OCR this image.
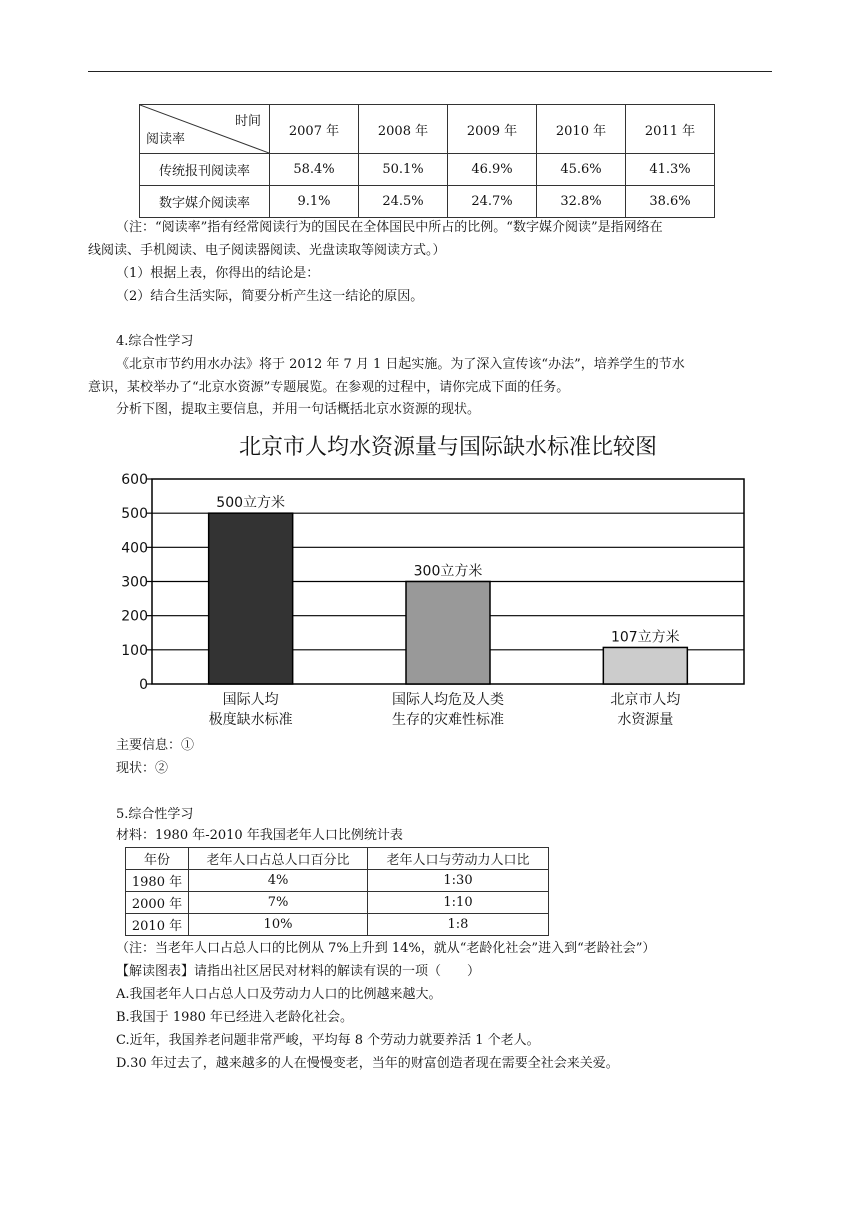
时间
阅读率	2007 年	2008 年	2009 年	2010 年	2011 年
传统报刊阅读率	58.4%	50.1%	46.9%	45.6%	41.3%
数字媒介阅读率	9.1%	24.5%	24.7%	32.8%	38.6%
（注：“阅读率”指有经常阅读行为的国民在全体国民中所占的比例。“数字媒介阅读”是指网络在
线阅读、手机阅读、电子阅读器阅读、光盘读取等阅读方式。）
（1）根据上表，你得出的结论是：
（2）结合生活实际，简要分析产生这一结论的原因。
4.综合性学习
《北京市节约用水办法》将于 2012 年 7 月 1 日起实施。为了深入宣传该“办法”，培养学生的节水
意识，某校举办了“北京水资源”专题展览。在参观的过程中，请你完成下面的任务。
分析下图，提取主要信息，并用一句话概括北京水资源的现状。
北京市人均水资源量与国际缺水标准比较图
0
100
200
300
400
500
600
500立方米
国际人均
极度缺水标准
300立方米
国际人均危及人类
生存的灾难性标准
107立方米
北京市人均
水资源量
主要信息：①
现状：②
5.综合性学习
材料：1980 年-2010 年我国老年人口比例统计表
年份	老年人口占总人口百分比	老年人口与劳动力人口比
1980 年	4%	1:30
2000 年	7%	1:10
2010 年	10%	1:8
（注：当老年人口占总人口的比例从 7%上升到 14%，就从“老龄化社会”进入到“老龄社会”）
【解读图表】请指出社区居民对材料的解读有误的一项（　　）
A.我国老年人口占总人口及劳动力人口的比例越来越大。
B.我国于 1980 年已经进入老龄化社会。
C.近年，我国养老问题非常严峻，平均每 8 个劳动力就要养活 1 个老人。
D.30 年过去了，越来越多的人在慢慢变老，当年的财富创造者现在需要全社会来关爱。
